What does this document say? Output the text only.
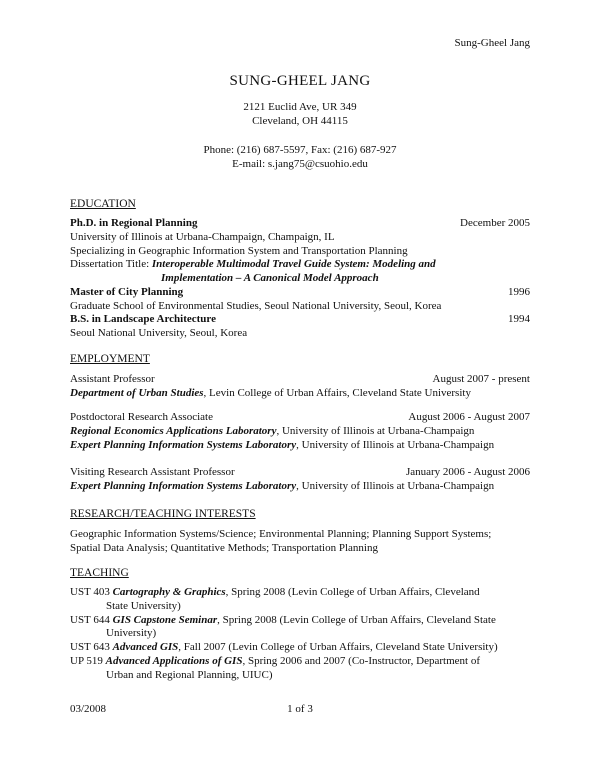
Sung-Gheel Jang
SUNG-GHEEL JANG
2121 Euclid Ave, UR 349
Cleveland, OH 44115
Phone: (216) 687-5597, Fax: (216) 687-927
E-mail: s.jang75@csuohio.edu
EDUCATION
Ph.D. in Regional Planning	December 2005
University of Illinois at Urbana-Champaign, Champaign, IL
Specializing in Geographic Information System and Transportation Planning
Dissertation Title: Interoperable Multimodal Travel Guide System: Modeling and
Implementation – A Canonical Model Approach
Master of City Planning	1996
Graduate School of Environmental Studies, Seoul National University, Seoul, Korea
B.S. in Landscape Architecture	1994
Seoul National University, Seoul, Korea
EMPLOYMENT
Assistant Professor	August 2007 - present
Department of Urban Studies, Levin College of Urban Affairs, Cleveland State University
Postdoctoral Research Associate	August 2006 - August 2007
Regional Economics Applications Laboratory, University of Illinois at Urbana-Champaign
Expert Planning Information Systems Laboratory, University of Illinois at Urbana-Champaign
Visiting Research Assistant Professor	January 2006 - August 2006
Expert Planning Information Systems Laboratory, University of Illinois at Urbana-Champaign
RESEARCH/TEACHING INTERESTS
Geographic Information Systems/Science; Environmental Planning; Planning Support Systems;
Spatial Data Analysis; Quantitative Methods; Transportation Planning
TEACHING
UST 403 Cartography & Graphics, Spring 2008 (Levin College of Urban Affairs, Cleveland
State University)
UST 644 GIS Capstone Seminar, Spring 2008 (Levin College of Urban Affairs, Cleveland State
University)
UST 643 Advanced GIS, Fall 2007 (Levin College of Urban Affairs, Cleveland State University)
UP 519 Advanced Applications of GIS, Spring 2006 and 2007 (Co-Instructor, Department of
Urban and Regional Planning, UIUC)
03/2008	1 of 3
